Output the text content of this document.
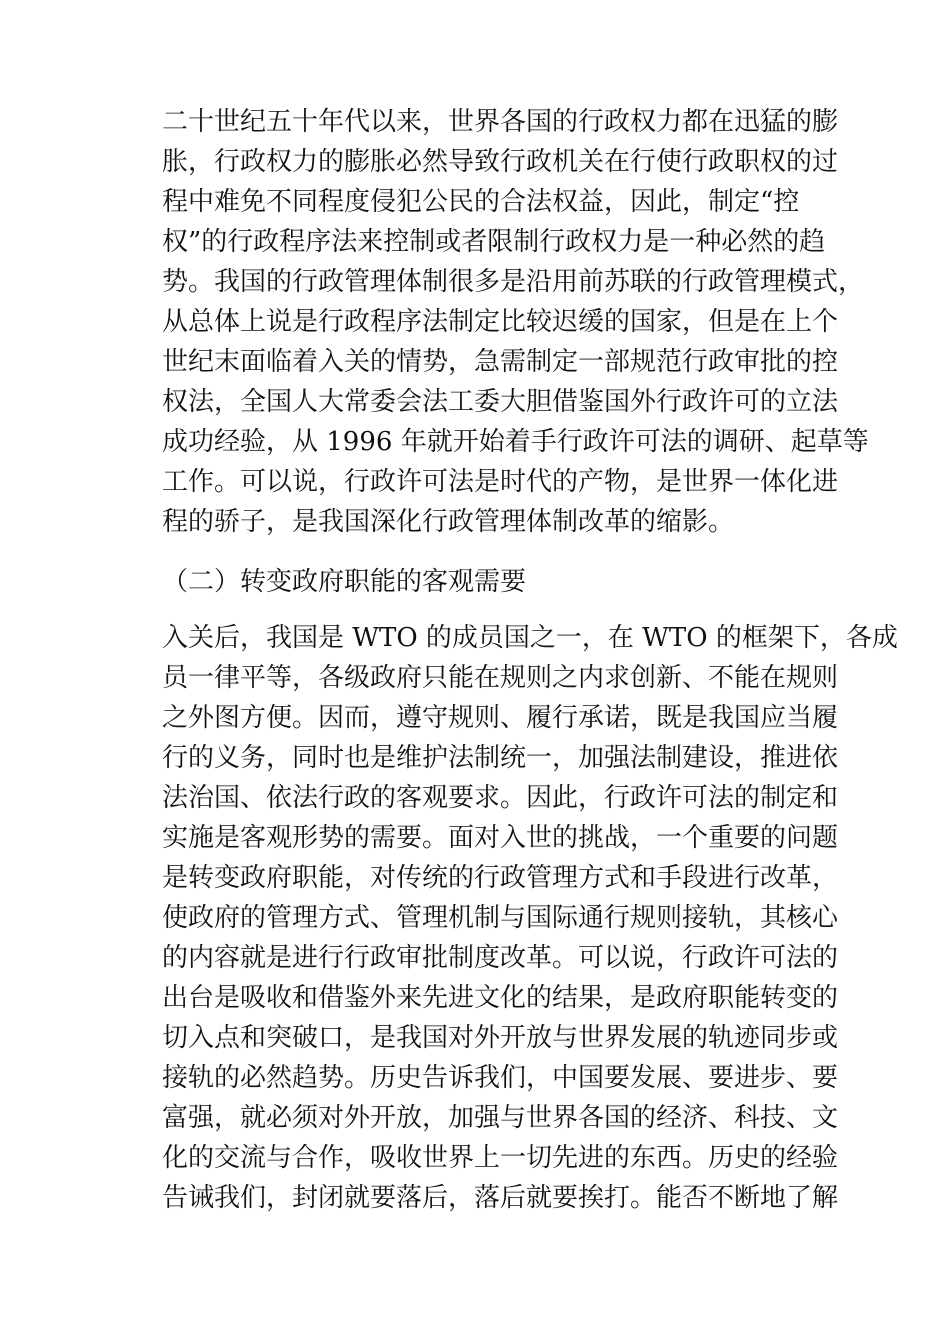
二十世纪五十年代以来，世界各国的行政权力都在迅猛的膨
胀，行政权力的膨胀必然导致行政机关在行使行政职权的过
程中难免不同程度侵犯公民的合法权益，因此，制定“控
权”的行政程序法来控制或者限制行政权力是一种必然的趋
势。我国的行政管理体制很多是沿用前苏联的行政管理模式，
从总体上说是行政程序法制定比较迟缓的国家，但是在上个
世纪末面临着入关的情势，急需制定一部规范行政审批的控
权法，全国人大常委会法工委大胆借鉴国外行政许可的立法
成功经验，从 1996 年就开始着手行政许可法的调研、起草等
工作。可以说，行政许可法是时代的产物，是世界一体化进
程的骄子，是我国深化行政管理体制改革的缩影。
（二）转变政府职能的客观需要
入关后，我国是 WTO 的成员国之一，在 WTO 的框架下，各成
员一律平等，各级政府只能在规则之内求创新、不能在规则
之外图方便。因而，遵守规则、履行承诺，既是我国应当履
行的义务，同时也是维护法制统一，加强法制建设，推进依
法治国、依法行政的客观要求。因此，行政许可法的制定和
实施是客观形势的需要。面对入世的挑战，一个重要的问题
是转变政府职能，对传统的行政管理方式和手段进行改革，
使政府的管理方式、管理机制与国际通行规则接轨，其核心
的内容就是进行行政审批制度改革。可以说，行政许可法的
出台是吸收和借鉴外来先进文化的结果，是政府职能转变的
切入点和突破口，是我国对外开放与世界发展的轨迹同步或
接轨的必然趋势。历史告诉我们，中国要发展、要进步、要
富强，就必须对外开放，加强与世界各国的经济、科技、文
化的交流与合作，吸收世界上一切先进的东西。历史的经验
告诫我们，封闭就要落后，落后就要挨打。能否不断地了解
